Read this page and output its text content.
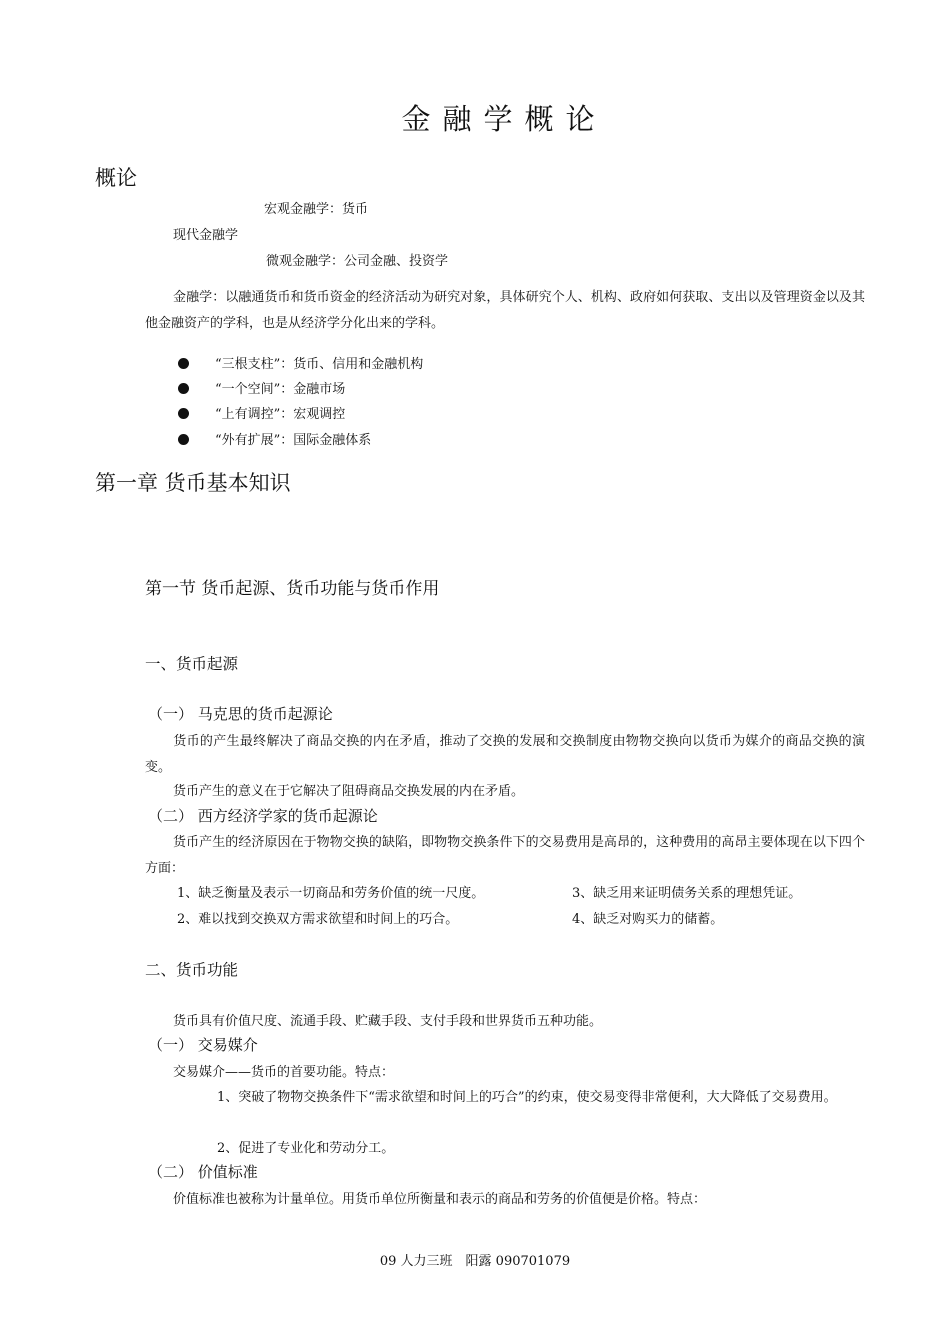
金融学概论
概论
宏观金融学：货币
现代金融学
微观金融学：公司金融、投资学
金融学：以融通货币和货币资金的经济活动为研究对象，具体研究个人、机构、政府如何获取、支出以及管理资金以及其他金融资产的学科，也是从经济学分化出来的学科。
“三根支柱”：货币、信用和金融机构
“一个空间”：金融市场
“上有调控”：宏观调控
“外有扩展”：国际金融体系
第一章 货币基本知识
第一节 货币起源、货币功能与货币作用
一、货币起源
（一） 马克思的货币起源论
货币的产生最终解决了商品交换的内在矛盾，推动了交换的发展和交换制度由物物交换向以货币为媒介的商品交换的演变。
货币产生的意义在于它解决了阻碍商品交换发展的内在矛盾。
（二） 西方经济学家的货币起源论
货币产生的经济原因在于物物交换的缺陷，即物物交换条件下的交易费用是高昂的，这种费用的高昂主要体现在以下四个方面：
1、缺乏衡量及表示一切商品和劳务价值的统一尺度。	3、缺乏用来证明债务关系的理想凭证。
2、难以找到交换双方需求欲望和时间上的巧合。	4、缺乏对购买力的储蓄。
二、货币功能
货币具有价值尺度、流通手段、贮藏手段、支付手段和世界货币五种功能。
（一） 交易媒介
交易媒介——货币的首要功能。特点：
1、突破了物物交换条件下“需求欲望和时间上的巧合”的约束，使交易变得非常便利，大大降低了交易费用。
2、促进了专业化和劳动分工。
（二） 价值标准
价值标准也被称为计量单位。用货币单位所衡量和表示的商品和劳务的价值便是价格。特点：
09 人力三班　阳露 090701079
